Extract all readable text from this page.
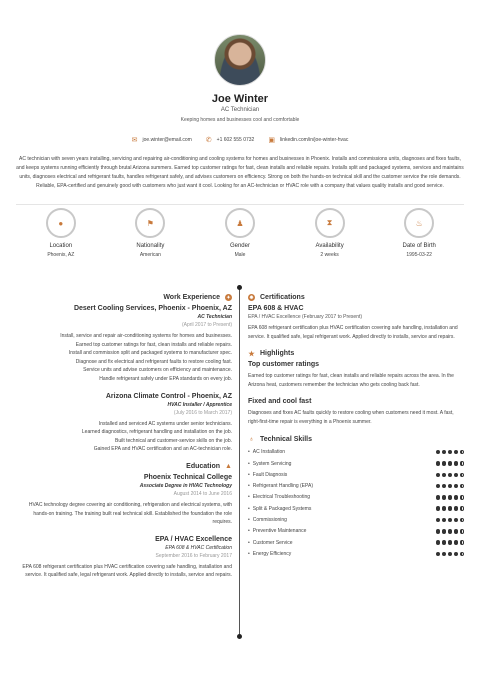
Joe Winter
AC Technician
Keeping homes and businesses cool and comfortable
✉ joe.winter@email.com ✆ +1 602 555 0732 ▣ linkedin.com/in/joe-winter-hvac

AC technician with seven years installing, servicing and repairing air-conditioning and cooling systems for homes and businesses in Phoenix. Installs and commissions units, diagnoses and fixes faults, and keeps systems running efficiently through brutal Arizona summers. Earned top customer ratings for fast, clean installs and reliable repairs. Installs split and packaged systems, services and maintains units, diagnoses electrical and refrigerant faults, handles refrigerant safely, and advises customers on efficiency. Strong on both the hands-on technical skill and the customer service the role demands. Reliable, EPA-certified and genuinely good with customers who just want it cool. Looking for an AC-technician or HVAC role with a company that values quality installs and good service.

●
Location
Phoenix, AZ
⚑
Nationality
American
♟
Gender
Male
⧗
Availability
2 weeks
♨
Date of Birth
1995-03-22
Work Experience ✦
Desert Cooling Services, Phoenix - Phoenix, AZ
AC Technician
(April 2017 to Present)
Install, service and repair air-conditioning systems for homes and businesses.
Earned top customer ratings for fast, clean installs and reliable repairs.
Install and commission split and packaged systems to manufacturer spec.
Diagnose and fix electrical and refrigerant faults to restore cooling fast.
Service units and advise customers on efficiency and maintenance.
Handle refrigerant safely under EPA standards on every job.
Arizona Climate Control - Phoenix, AZ
HVAC Installer / Apprentice
(July 2016 to March 2017)
Installed and serviced AC systems under senior technicians.
Learned diagnostics, refrigerant handling and installation on the job.
Built technical and customer-service skills on the job.
Gained EPA and HVAC certification and an AC-technician role.
Education ▲
Phoenix Technical College
Associate Degree in HVAC Technology
August 2014 to June 2016

HVAC technology degree covering air conditioning, refrigeration and electrical systems, with hands-on training. The training built real technical skill. Established the foundation the role requires.

EPA / HVAC Excellence
EPA 608 & HVAC Certification
September 2016 to February 2017

EPA 608 refrigerant certification plus HVAC certification covering safe handling, installation and service. It qualified safe, legal refrigerant work. Applied directly to installs, service and repairs.

✸ Certifications
EPA 608 & HVAC
EPA / HVAC Excellence (February 2017 to Present)

EPA 608 refrigerant certification plus HVAC certification covering safe handling, installation and service. It qualified safe, legal refrigerant work. Applied directly to installs, service and repairs.

★ Highlights
Top customer ratings

Earned top customer ratings for fast, clean installs and reliable repairs across the area. In the Arizona heat, customers remember the technician who gets cooling back fast.

Fixed and cool fast

Diagnoses and fixes AC faults quickly to restore cooling when customers need it most. A fast, right-first-time repair is everything in a Phoenix summer.

♁ Technical Skills
• AC Installation
• System Servicing
• Fault Diagnosis
• Refrigerant Handling (EPA)
• Electrical Troubleshooting
• Split & Packaged Systems
• Commissioning
• Preventive Maintenance
• Customer Service
• Energy Efficiency
